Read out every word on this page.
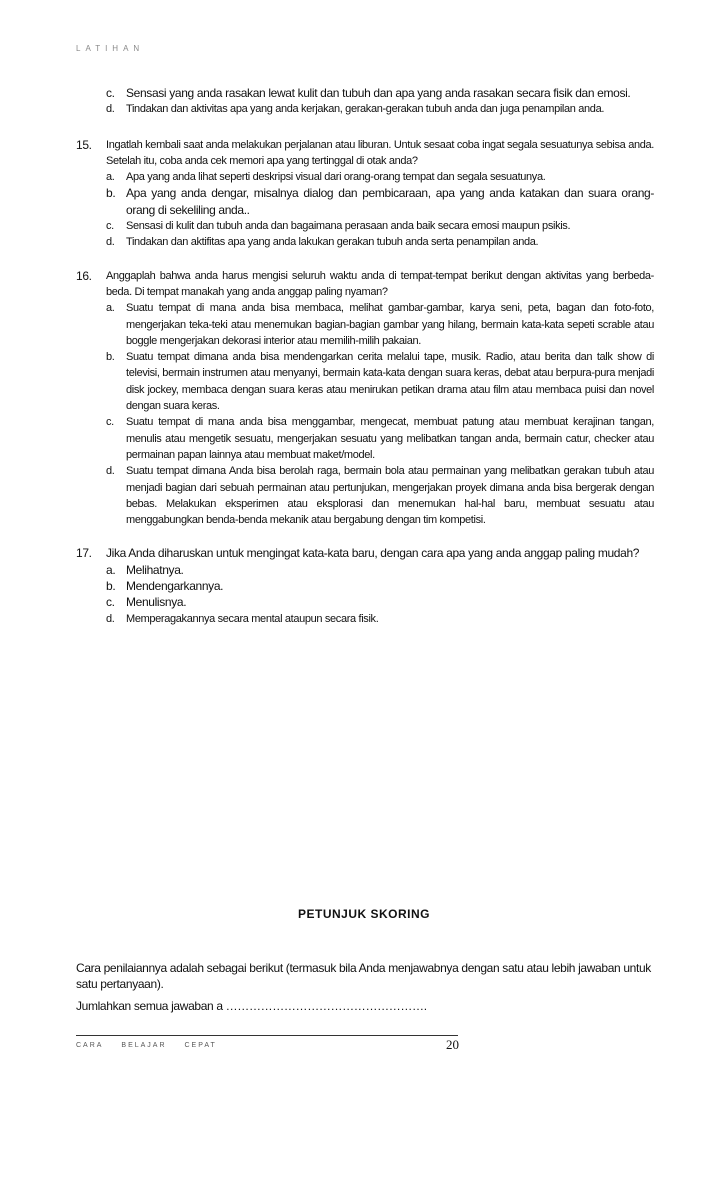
LATIHAN
c. Sensasi yang anda rasakan lewat kulit dan tubuh dan apa yang anda rasakan secara fisik dan emosi.
d. Tindakan dan aktivitas apa yang anda kerjakan, gerakan-gerakan tubuh anda dan juga penampilan anda.
15. Ingatlah kembali saat anda melakukan perjalanan atau liburan. Untuk sesaat coba ingat segala sesuatunya sebisa anda. Setelah itu, coba anda cek memori apa yang tertinggal di otak anda?
a. Apa yang anda lihat seperti deskripsi visual dari orang-orang tempat dan segala sesuatunya.
b. Apa yang anda dengar, misalnya dialog dan pembicaraan, apa yang anda katakan dan suara orang-orang di sekeliling anda..
c. Sensasi di kulit dan tubuh anda dan bagaimana perasaan anda baik secara emosi maupun psikis.
d. Tindakan dan aktifitas apa yang anda lakukan gerakan tubuh anda serta penampilan anda.
16. Anggaplah bahwa anda harus mengisi seluruh waktu anda di tempat-tempat berikut dengan aktivitas yang berbeda-beda. Di tempat manakah yang anda anggap paling nyaman?
a. Suatu tempat di mana anda bisa membaca, melihat gambar-gambar, karya seni, peta, bagan dan foto-foto, mengerjakan teka-teki atau menemukan bagian-bagian gambar yang hilang, bermain kata-kata sepeti scrable atau boggle mengerjakan dekorasi interior atau memilih-milih pakaian.
b. Suatu tempat dimana anda bisa mendengarkan cerita melalui tape, musik. Radio, atau berita dan talk show di televisi, bermain instrumen atau menyanyi, bermain kata-kata dengan suara keras, debat atau berpura-pura menjadi disk jockey, membaca dengan suara keras atau menirukan petikan drama atau film atau membaca puisi dan novel dengan suara keras.
c. Suatu tempat di mana anda bisa menggambar, mengecat, membuat patung atau membuat kerajinan tangan, menulis atau mengetik sesuatu, mengerjakan sesuatu yang melibatkan tangan anda, bermain catur, checker atau permainan papan lainnya atau membuat maket/model.
d. Suatu tempat dimana Anda bisa berolah raga, bermain bola atau permainan yang melibatkan gerakan tubuh atau menjadi bagian dari sebuah permainan atau pertunjukan, mengerjakan proyek dimana anda bisa bergerak dengan bebas. Melakukan eksperimen atau eksplorasi dan menemukan hal-hal baru, membuat sesuatu atau menggabungkan benda-benda mekanik atau bergabung dengan tim kompetisi.
17. Jika Anda diharuskan untuk mengingat kata-kata baru, dengan cara apa yang anda anggap paling mudah?
a. Melihatnya.
b. Mendengarkannya.
c. Menulisnya.
d. Memperagakannya secara mental ataupun secara fisik.
PETUNJUK SKORING

Cara penilaiannya adalah sebagai berikut (termasuk bila Anda menjawabnya dengan satu atau lebih jawaban untuk satu pertanyaan).

Jumlahkan semua jawaban a …………………………………………….

CARA	BELAJAR	CEPAT	20
